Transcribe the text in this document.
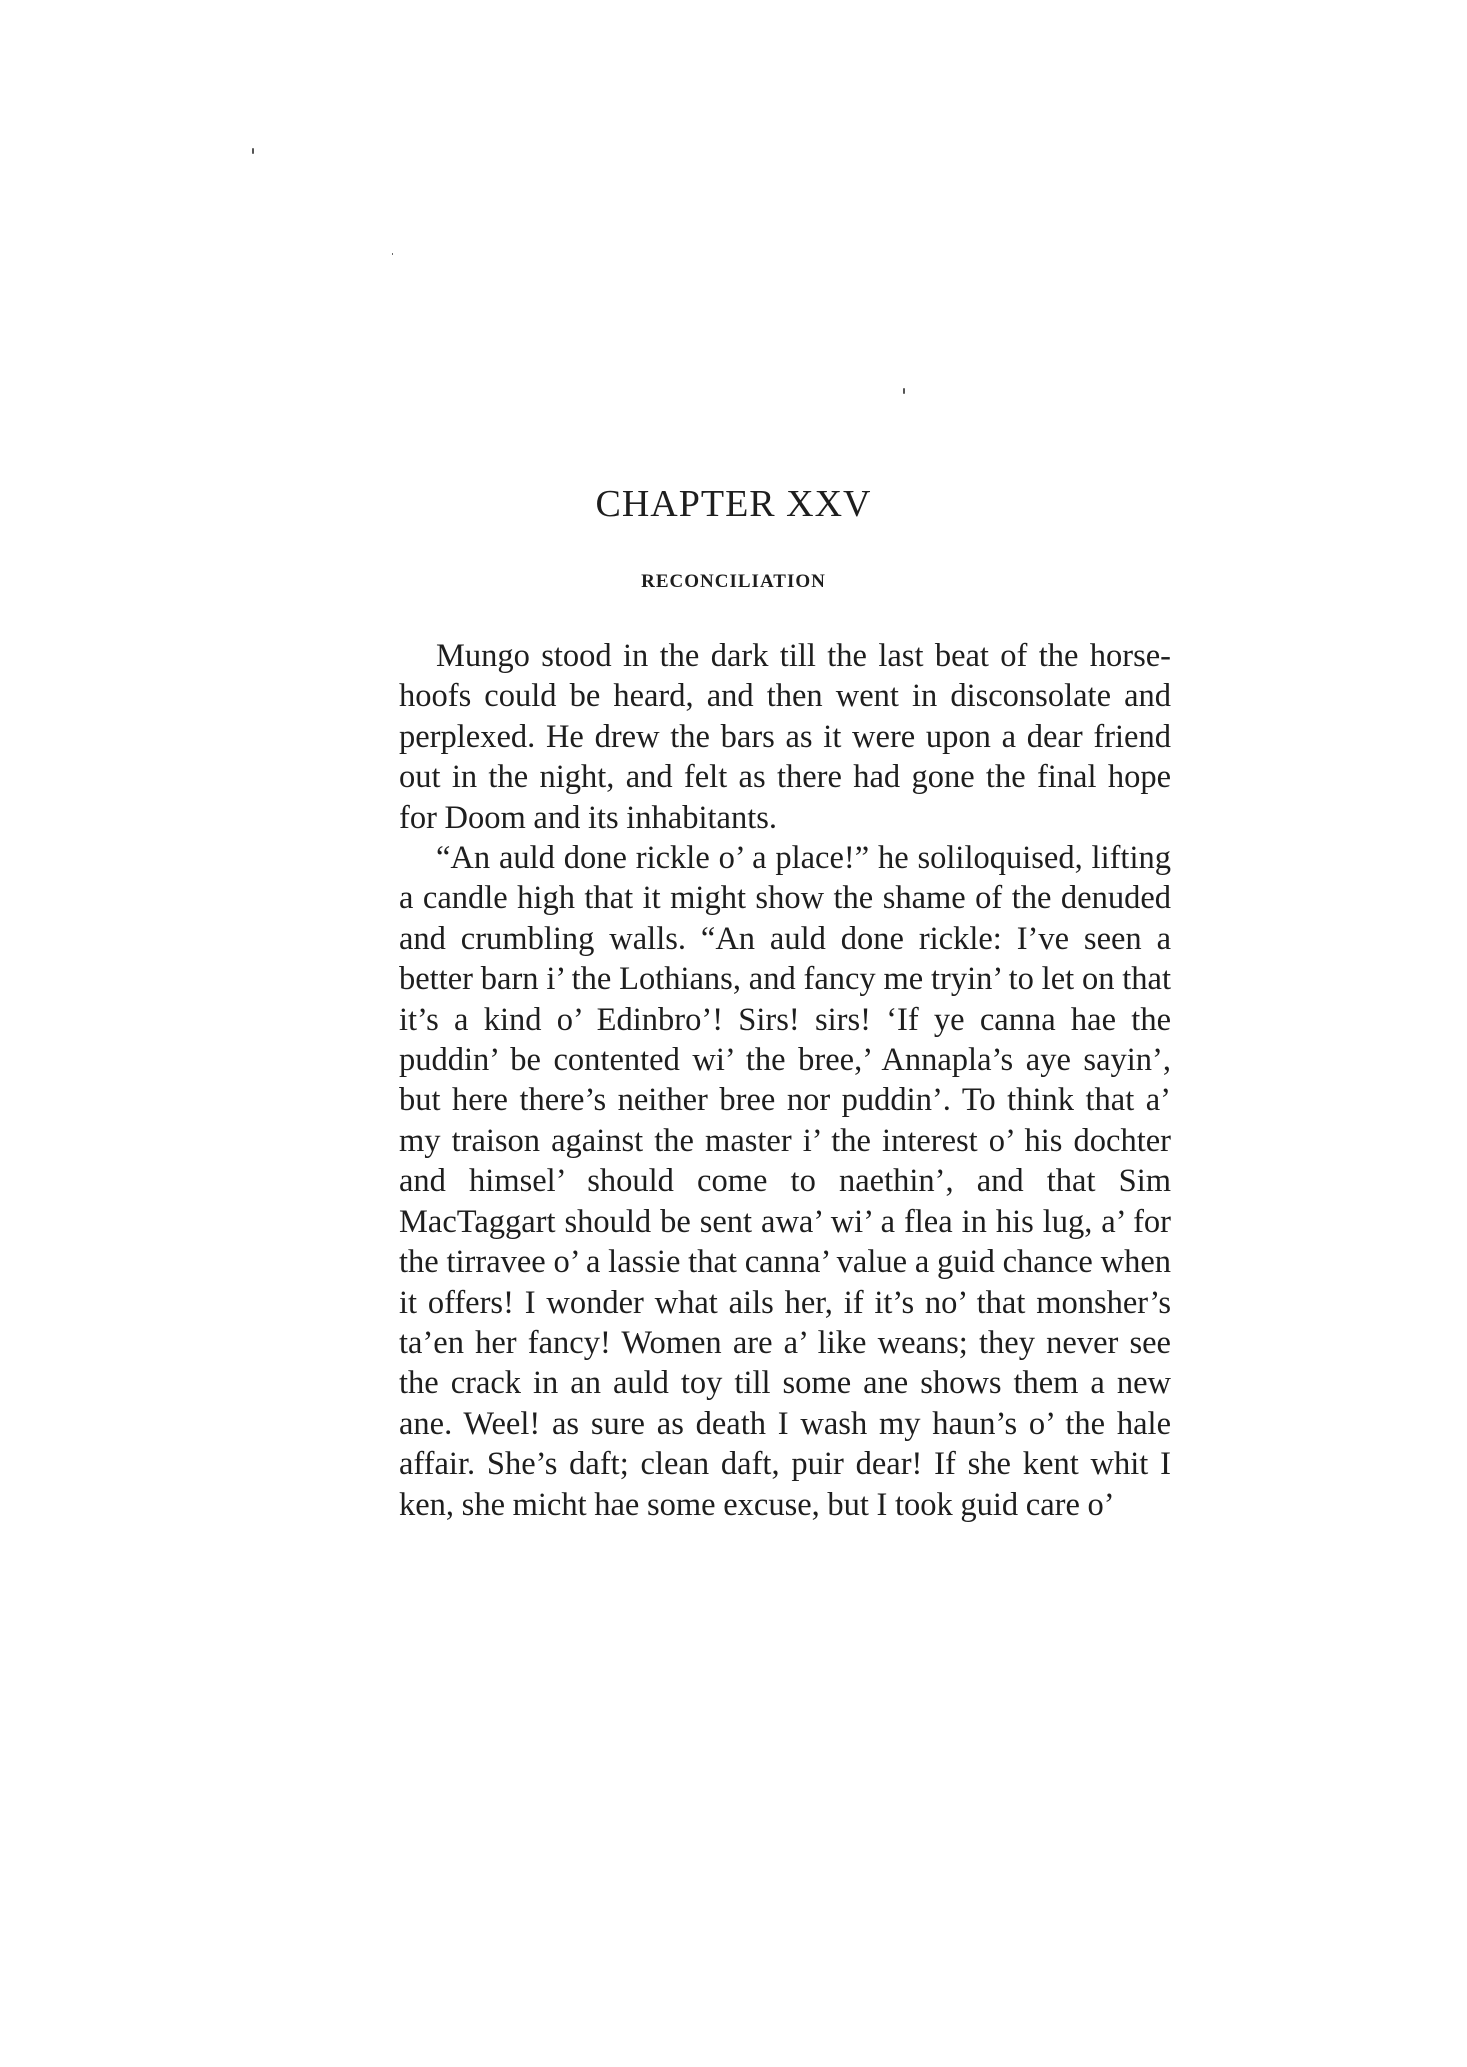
CHAPTER XXV
RECONCILIATION

Mungo stood in the dark till the last beat of the horse-hoofs could be heard, and then went in disconsolate and perplexed. He drew the bars as it were upon a dear friend out in the night, and felt as there had gone the final hope for Doom and its inhabitants.

“An auld done rickle o’ a place!” he soliloquised, lifting a candle high that it might show the shame of the denuded and crumbling walls. “An auld done rickle: I’ve seen a better barn i’ the Lothians, and fancy me tryin’ to let on that it’s a kind o’ Edinbro’! Sirs! sirs! ‘If ye canna hae the puddin’ be contented wi’ the bree,’ Annapla’s aye sayin’, but here there’s neither bree nor puddin’. To think that a’ my traison against the master i’ the interest o’ his dochter and himsel’ should come to naethin’, and that Sim MacTaggart should be sent awa’ wi’ a flea in his lug, a’ for the tirravee o’ a lassie that canna’ value a guid chance when it offers! I wonder what ails her, if it’s no’ that monsher’s ta’en her fancy! Women are a’ like weans; they never see the crack in an auld toy till some ane shows them a new ane. Weel! as sure as death I wash my haun’s o’ the hale affair. She’s daft; clean daft, puir dear! If she kent whit I ken, she micht hae some excuse, but I took guid care o’
